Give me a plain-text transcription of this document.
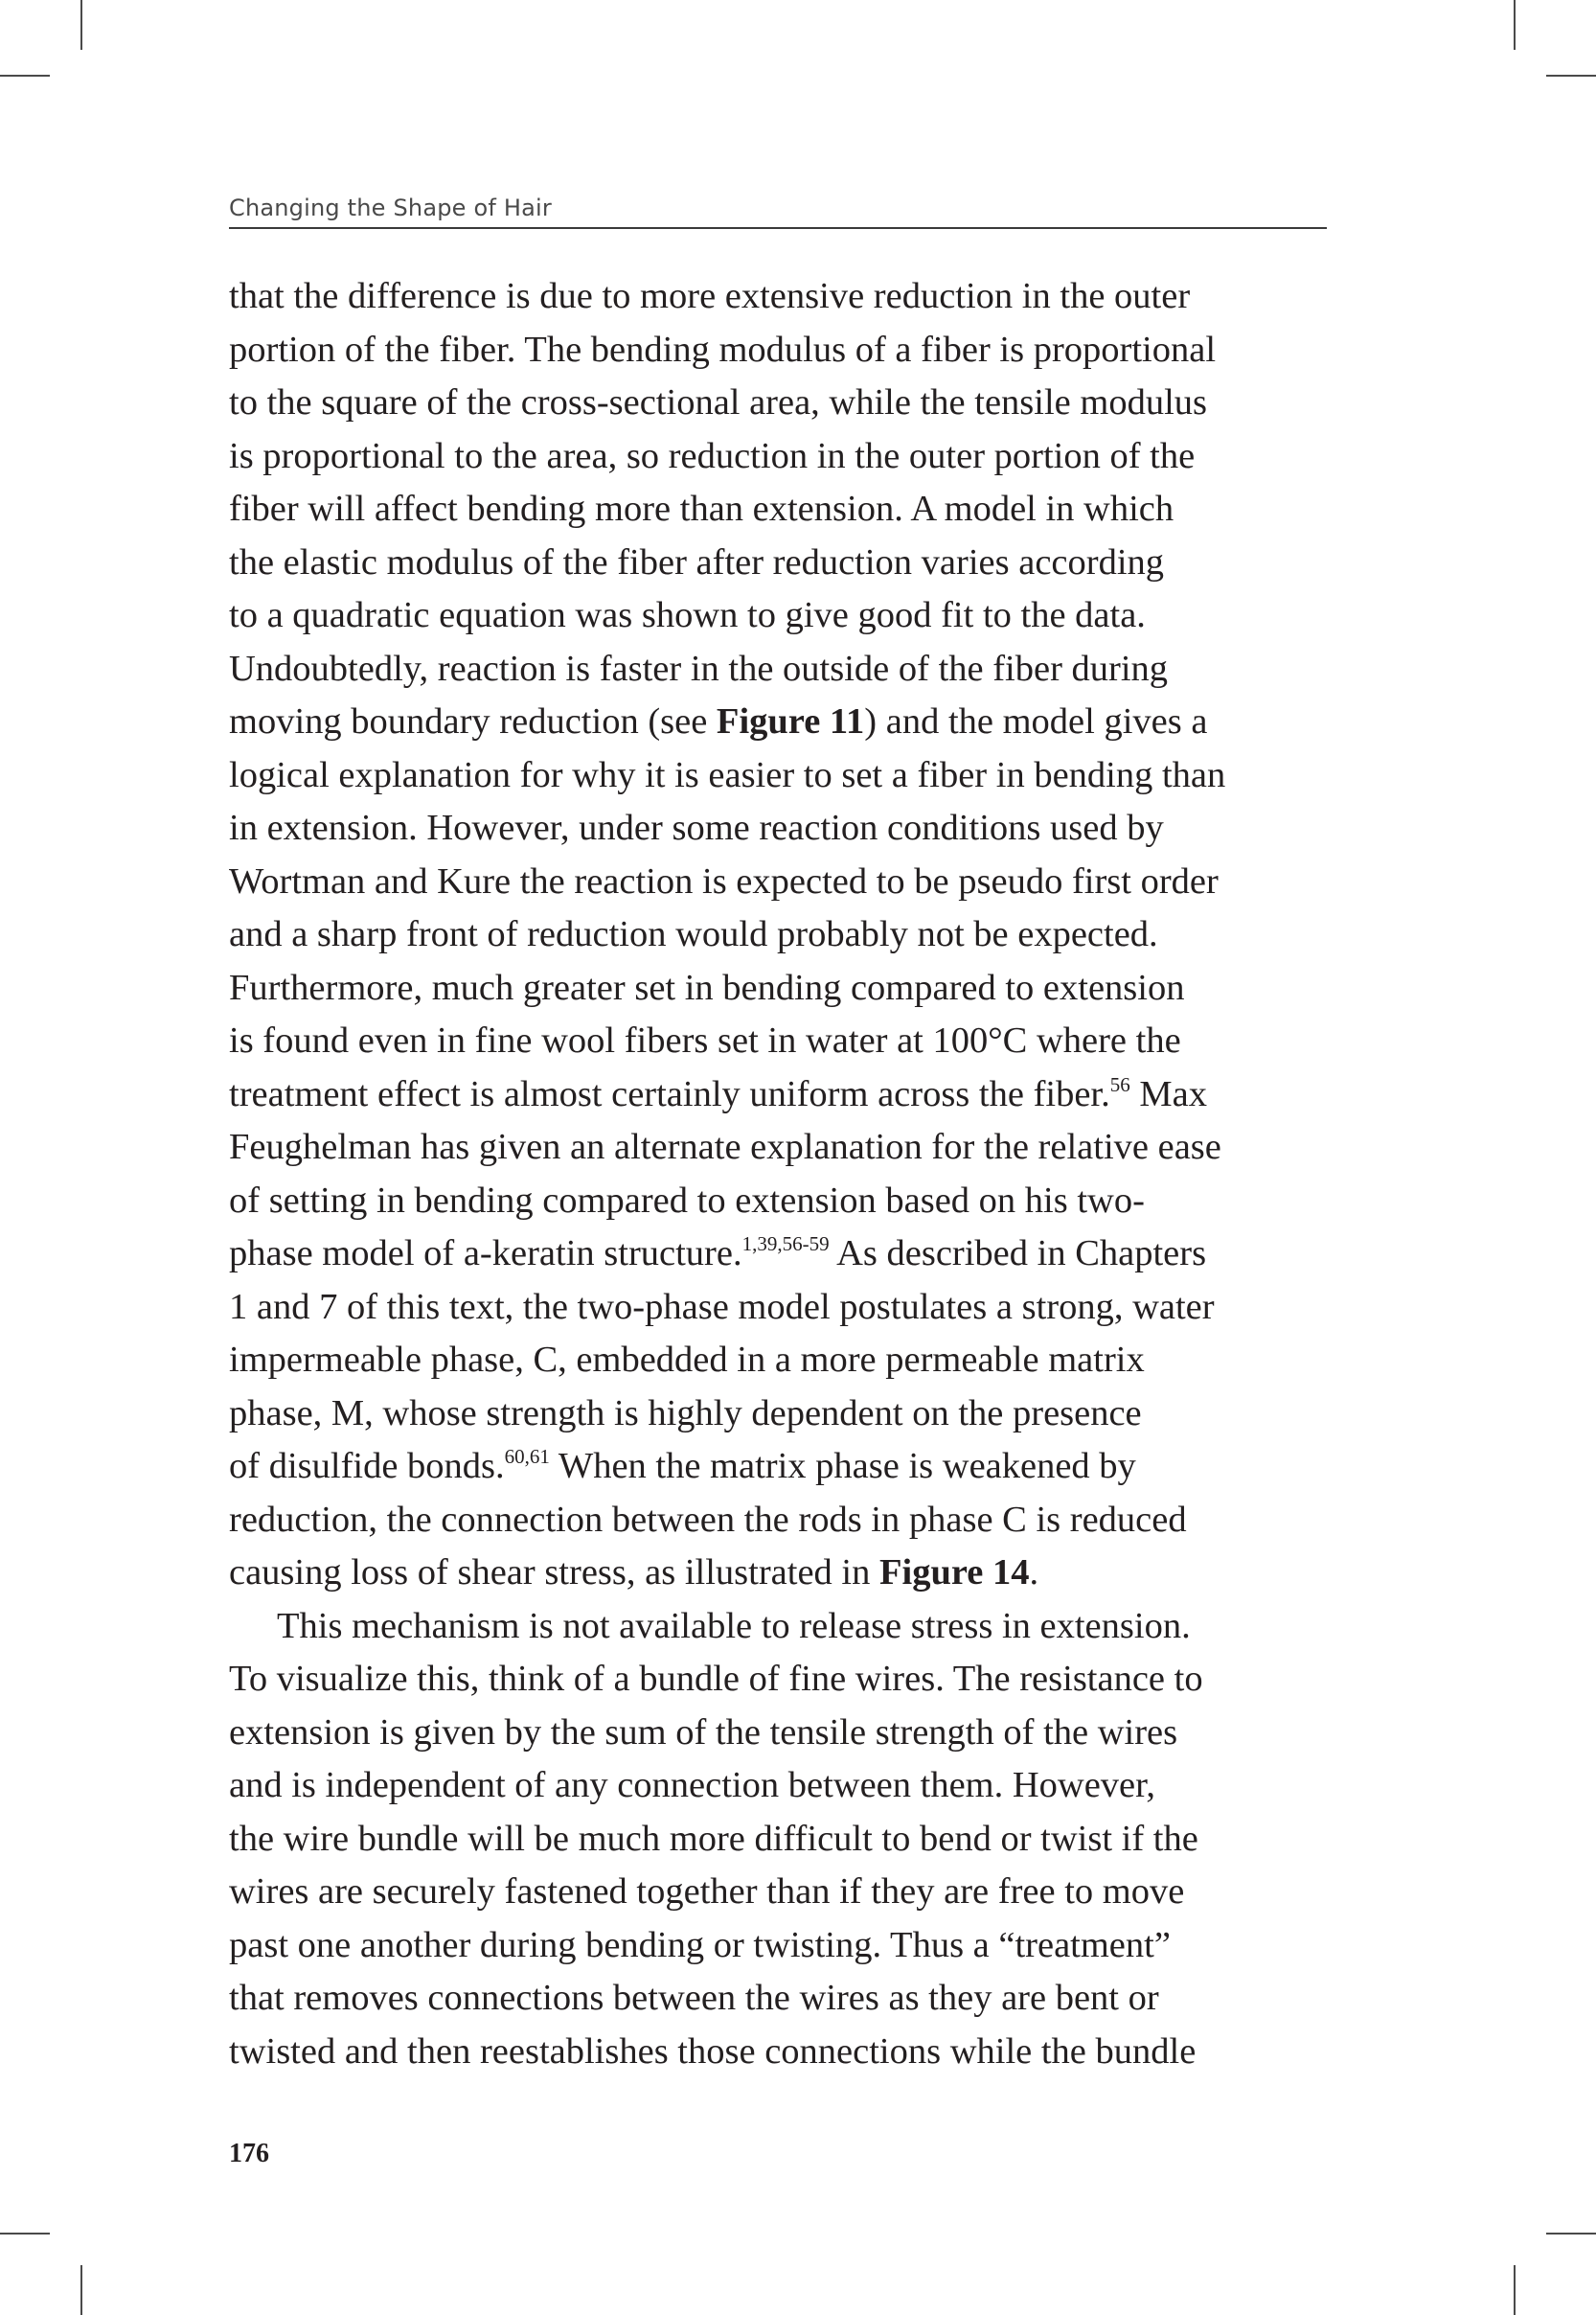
Changing the Shape of Hair
that the difference is due to more extensive reduction in the outer
portion of the fiber. The bending modulus of a fiber is proportional
to the square of the cross-sectional area, while the tensile modulus
is proportional to the area, so reduction in the outer portion of the
fiber will affect bending more than extension. A model in which
the elastic modulus of the fiber after reduction varies according
to a quadratic equation was shown to give good fit to the data.
Undoubtedly, reaction is faster in the outside of the fiber during
moving boundary reduction (see Figure 11) and the model gives a
logical explanation for why it is easier to set a fiber in bending than
in extension. However, under some reaction conditions used by
Wortman and Kure the reaction is expected to be pseudo first order
and a sharp front of reduction would probably not be expected.
Furthermore, much greater set in bending compared to extension
is found even in fine wool fibers set in water at 100°C where the
treatment effect is almost certainly uniform across the fiber.$^{56}$ Max
Feughelman has given an alternate explanation for the relative ease
of setting in bending compared to extension based on his two-
phase model of a-keratin structure.$^{1,39,56-59}$ As described in Chapters
1 and 7 of this text, the two-phase model postulates a strong, water
impermeable phase, C, embedded in a more permeable matrix
phase, M, whose strength is highly dependent on the presence
of disulfide bonds.$^{60,61}$ When the matrix phase is weakened by
reduction, the connection between the rods in phase C is reduced
causing loss of shear stress, as illustrated in Figure 14.
This mechanism is not available to release stress in extension.
To visualize this, think of a bundle of fine wires. The resistance to
extension is given by the sum of the tensile strength of the wires
and is independent of any connection between them. However,
the wire bundle will be much more difficult to bend or twist if the
wires are securely fastened together than if they are free to move
past one another during bending or twisting. Thus a “treatment”
that removes connections between the wires as they are bent or
twisted and then reestablishes those connections while the bundle
176
